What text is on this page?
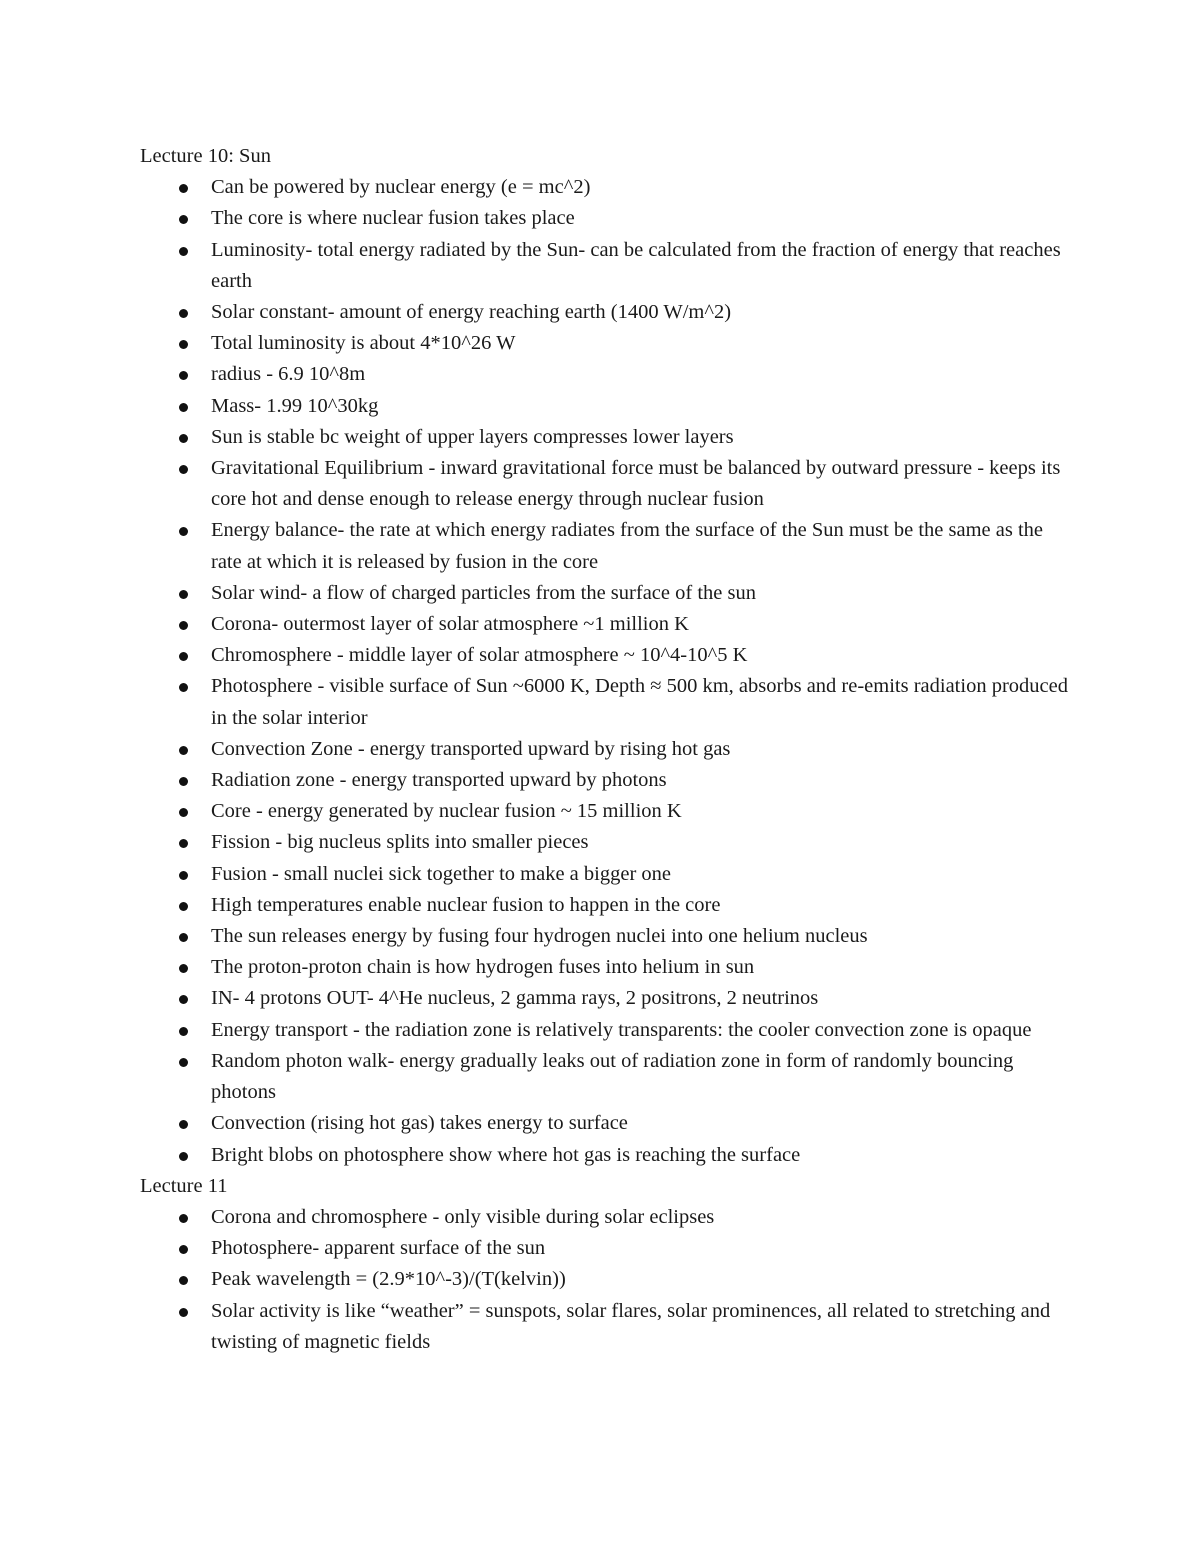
Lecture 10: Sun

Can be powered by nuclear energy (e = mc^2)
The core is where nuclear fusion takes place
Luminosity- total energy radiated by the Sun- can be calculated from the fraction of energy that reaches earth
Solar constant- amount of energy reaching earth (1400 W/m^2)
Total luminosity is about 4*10^26 W
radius - 6.9 10^8m
Mass- 1.99 10^30kg
Sun is stable bc weight of upper layers compresses lower layers
Gravitational Equilibrium - inward gravitational force must be balanced by outward pressure - keeps its core hot and dense enough to release energy through nuclear fusion
Energy balance- the rate at which energy radiates from the surface of the Sun must be the same as the rate at which it is released by fusion in the core
Solar wind- a flow of charged particles from the surface of the sun
Corona- outermost layer of solar atmosphere ~1 million K
Chromosphere - middle layer of solar atmosphere ~ 10^4-10^5 K
Photosphere - visible surface of Sun ~6000 K, Depth ≈ 500 km, absorbs and re-emits radiation produced in the solar interior
Convection Zone - energy transported upward by rising hot gas
Radiation zone - energy transported upward by photons
Core - energy generated by nuclear fusion ~ 15 million K
Fission - big nucleus splits into smaller pieces
Fusion - small nuclei sick together to make a bigger one
High temperatures enable nuclear fusion to happen in the core
The sun releases energy by fusing four hydrogen nuclei into one helium nucleus
The proton-proton chain is how hydrogen fuses into helium in sun
IN- 4 protons OUT- 4^He nucleus, 2 gamma rays, 2 positrons, 2 neutrinos
Energy transport - the radiation zone is relatively transparents: the cooler convection zone is opaque
Random photon walk- energy gradually leaks out of radiation zone in form of randomly bouncing photons
Convection (rising hot gas) takes energy to surface
Bright blobs on photosphere show where hot gas is reaching the surface

Lecture 11

Corona and chromosphere - only visible during solar eclipses
Photosphere- apparent surface of the sun
Peak wavelength = (2.9*10^-3)/(T(kelvin))
Solar activity is like “weather” = sunspots, solar flares, solar prominences, all related to stretching and twisting of magnetic fields
